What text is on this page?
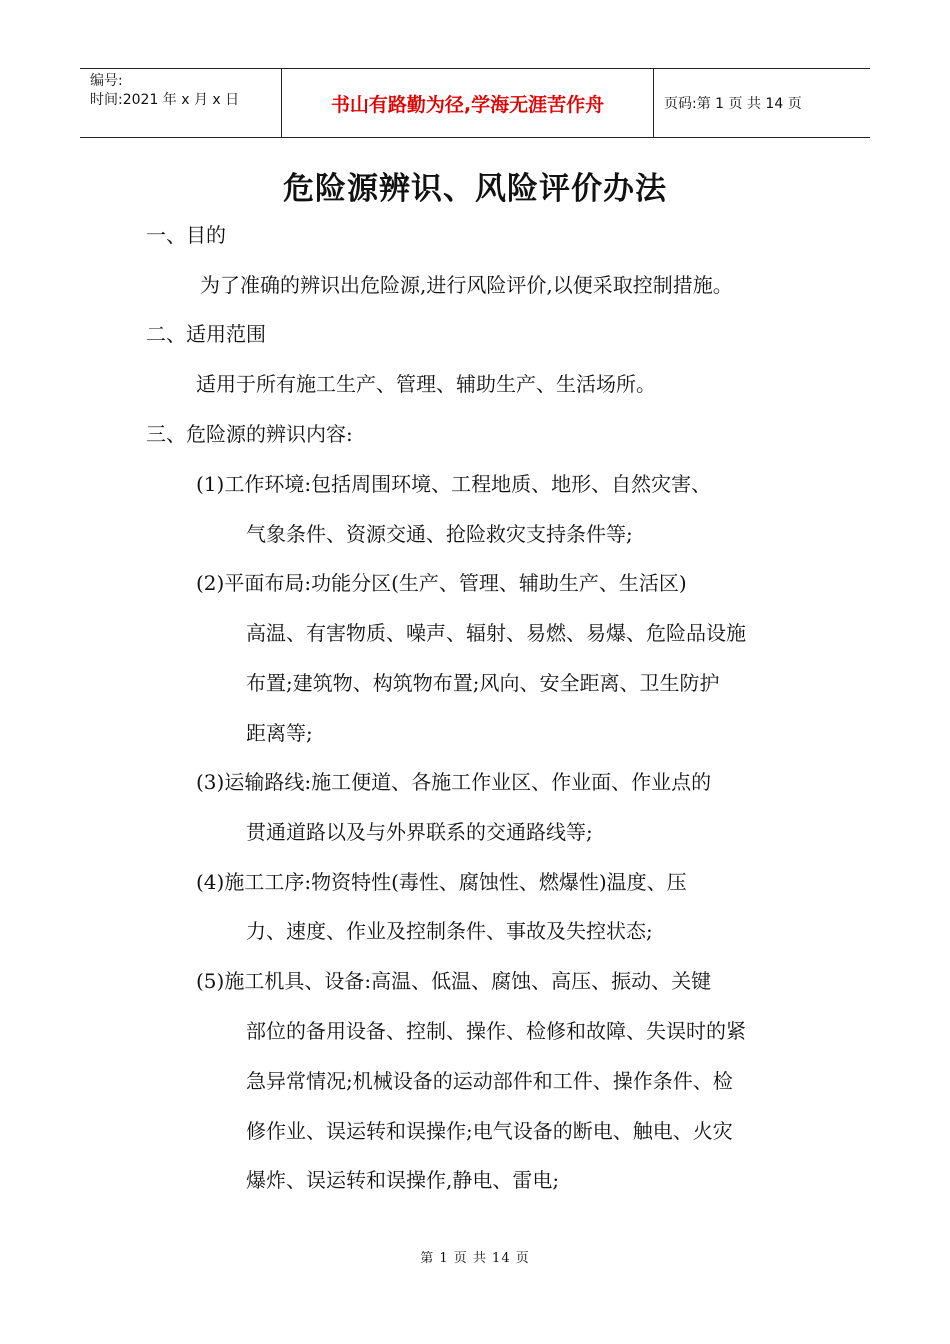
编号:
时间:2021 年 x 月 x 日	书山有路勤为径,学海无涯苦作舟	页码:第 1 页 共 14 页
危险源辨识、风险评价办法
一、目的
为了准确的辨识出危险源,进行风险评价,以便采取控制措施。
二、适用范围
适用于所有施工生产、管理、辅助生产、生活场所。
三、危险源的辨识内容:
(1)工作环境:包括周围环境、工程地质、地形、自然灾害、
气象条件、资源交通、抢险救灾支持条件等;
(2)平面布局:功能分区(生产、管理、辅助生产、生活区)
高温、有害物质、噪声、辐射、易燃、易爆、危险品设施
布置;建筑物、构筑物布置;风向、安全距离、卫生防护
距离等;
(3)运输路线:施工便道、各施工作业区、作业面、作业点的
贯通道路以及与外界联系的交通路线等;
(4)施工工序:物资特性(毒性、腐蚀性、燃爆性)温度、压
力、速度、作业及控制条件、事故及失控状态;
(5)施工机具、设备:高温、低温、腐蚀、高压、振动、关键
部位的备用设备、控制、操作、检修和故障、失误时的紧
急异常情况;机械设备的运动部件和工件、操作条件、检
修作业、误运转和误操作;电气设备的断电、触电、火灾
爆炸、误运转和误操作,静电、雷电;
第 1 页 共 14 页
